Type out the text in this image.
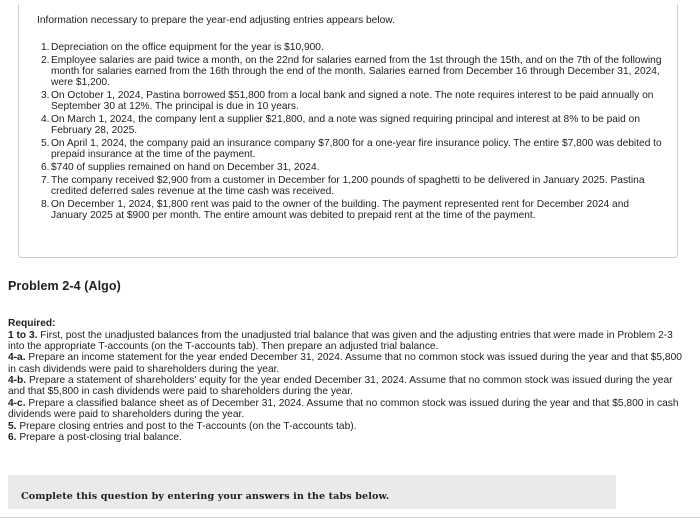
Information necessary to prepare the year-end adjusting entries appears below.

1. Depreciation on the office equipment for the year is $10,900.
2. Employee salaries are paid twice a month, on the 22nd for salaries earned from the 1st through the 15th, and on the 7th of the following month for salaries earned from the 16th through the end of the month. Salaries earned from December 16 through December 31, 2024, were $1,200.
3. On October 1, 2024, Pastina borrowed $51,800 from a local bank and signed a note. The note requires interest to be paid annually on September 30 at 12%. The principal is due in 10 years.
4. On March 1, 2024, the company lent a supplier $21,800, and a note was signed requiring principal and interest at 8% to be paid on February 28, 2025.
5. On April 1, 2024, the company paid an insurance company $7,800 for a one-year fire insurance policy. The entire $7,800 was debited to prepaid insurance at the time of the payment.
6. $740 of supplies remained on hand on December 31, 2024.
7. The company received $2,900 from a customer in December for 1,200 pounds of spaghetti to be delivered in January 2025. Pastina credited deferred sales revenue at the time cash was received.
8. On December 1, 2024, $1,800 rent was paid to the owner of the building. The payment represented rent for December 2024 and January 2025 at $900 per month. The entire amount was debited to prepaid rent at the time of the payment.
Problem 2-4 (Algo)
Required:
1 to 3. First, post the unadjusted balances from the unadjusted trial balance that was given and the adjusting entries that were made in Problem 2-3 into the appropriate T-accounts (on the T-accounts tab). Then prepare an adjusted trial balance.
4-a. Prepare an income statement for the year ended December 31, 2024. Assume that no common stock was issued during the year and that $5,800 in cash dividends were paid to shareholders during the year.
4-b. Prepare a statement of shareholders' equity for the year ended December 31, 2024. Assume that no common stock was issued during the year and that $5,800 in cash dividends were paid to shareholders during the year.
4-c. Prepare a classified balance sheet as of December 31, 2024. Assume that no common stock was issued during the year and that $5,800 in cash dividends were paid to shareholders during the year.
5. Prepare closing entries and post to the T-accounts (on the T-accounts tab).
6. Prepare a post-closing trial balance.
Complete this question by entering your answers in the tabs below.
